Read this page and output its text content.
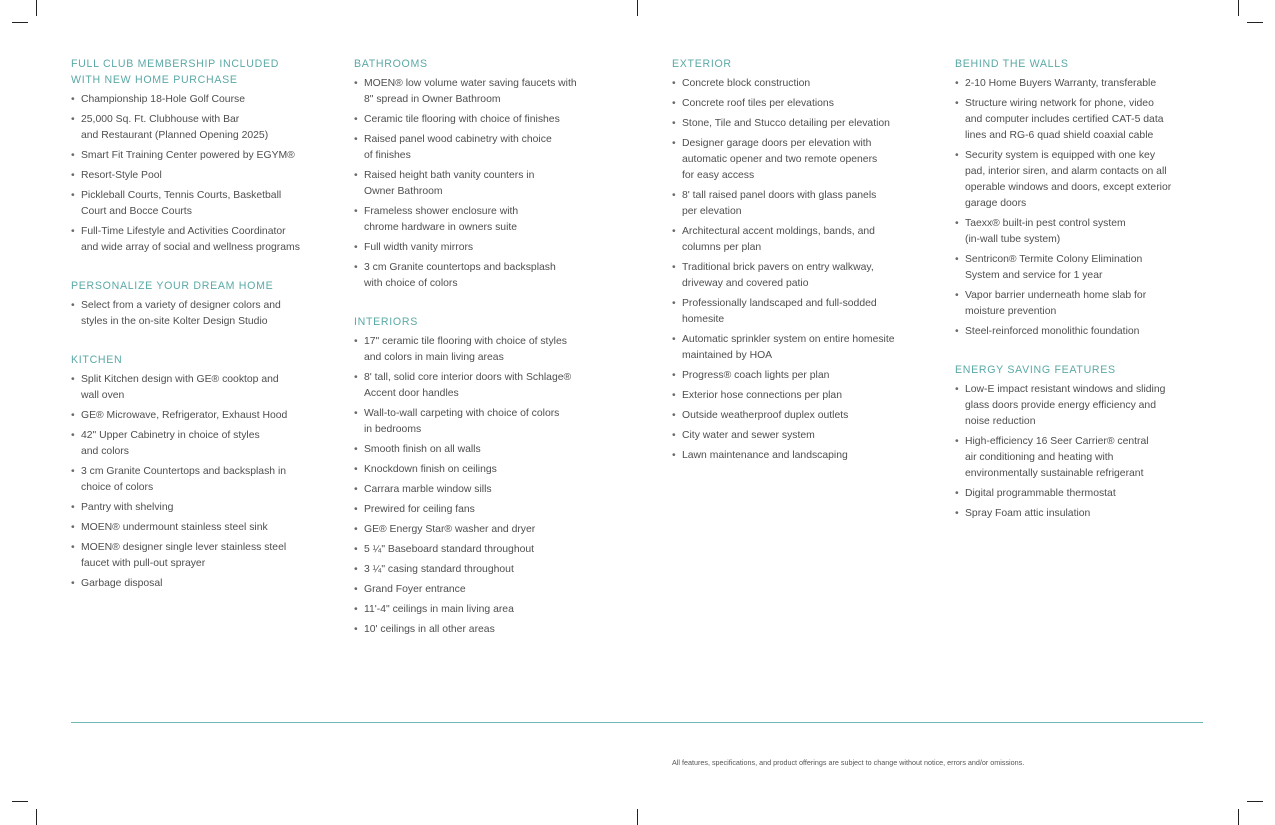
FULL CLUB MEMBERSHIP INCLUDED
WITH NEW HOME PURCHASE
• Championship 18-Hole Golf Course
• 25,000 Sq. Ft. Clubhouse with Bar
and Restaurant (Planned Opening 2025)
• Smart Fit Training Center powered by EGYM®
• Resort-Style Pool
• Pickleball Courts, Tennis Courts, Basketball
Court and Bocce Courts
• Full-Time Lifestyle and Activities Coordinator
and wide array of social and wellness programs
PERSONALIZE YOUR DREAM HOME
• Select from a variety of designer colors and
styles in the on-site Kolter Design Studio
KITCHEN
• Split Kitchen design with GE® cooktop and
wall oven
• GE® Microwave, Refrigerator, Exhaust Hood
• 42" Upper Cabinetry in choice of styles
and colors
• 3 cm Granite Countertops and backsplash in
choice of colors
• Pantry with shelving
• MOEN® undermount stainless steel sink
• MOEN® designer single lever stainless steel
faucet with pull-out sprayer
• Garbage disposal
BATHROOMS
• MOEN® low volume water saving faucets with
8" spread in Owner Bathroom
• Ceramic tile flooring with choice of finishes
• Raised panel wood cabinetry with choice
of finishes
• Raised height bath vanity counters in
Owner Bathroom
• Frameless shower enclosure with
chrome hardware in owners suite
• Full width vanity mirrors
• 3 cm Granite countertops and backsplash
with choice of colors
INTERIORS
• 17" ceramic tile flooring with choice of styles
and colors in main living areas
• 8' tall, solid core interior doors with Schlage®
Accent door handles
• Wall-to-wall carpeting with choice of colors
in bedrooms
• Smooth finish on all walls
• Knockdown finish on ceilings
• Carrara marble window sills
• Prewired for ceiling fans
• GE® Energy Star® washer and dryer
• 5 ¼" Baseboard standard throughout
• 3 ¼" casing standard throughout
• Grand Foyer entrance
• 11'-4" ceilings in main living area
• 10' ceilings in all other areas
EXTERIOR
• Concrete block construction
• Concrete roof tiles per elevations
• Stone, Tile and Stucco detailing per elevation
• Designer garage doors per elevation with
automatic opener and two remote openers
for easy access
• 8' tall raised panel doors with glass panels
per elevation
• Architectural accent moldings, bands, and
columns per plan
• Traditional brick pavers on entry walkway,
driveway and covered patio
• Professionally landscaped and full-sodded
homesite
• Automatic sprinkler system on entire homesite
maintained by HOA
• Progress® coach lights per plan
• Exterior hose connections per plan
• Outside weatherproof duplex outlets
• City water and sewer system
• Lawn maintenance and landscaping
BEHIND THE WALLS
• 2-10 Home Buyers Warranty, transferable
• Structure wiring network for phone, video
and computer includes certified CAT-5 data
lines and RG-6 quad shield coaxial cable
• Security system is equipped with one key
pad, interior siren, and alarm contacts on all
operable windows and doors, except exterior
garage doors
• Taexx® built-in pest control system
(in-wall tube system)
• Sentricon® Termite Colony Elimination
System and service for 1 year
• Vapor barrier underneath home slab for
moisture prevention
• Steel-reinforced monolithic foundation
ENERGY SAVING FEATURES
• Low-E impact resistant windows and sliding
glass doors provide energy efficiency and
noise reduction
• High-efficiency 16 Seer Carrier® central
air conditioning and heating with
environmentally sustainable refrigerant
• Digital programmable thermostat
• Spray Foam attic insulation
All features, specifications, and product offerings are subject to change without notice, errors and/or omissions.
